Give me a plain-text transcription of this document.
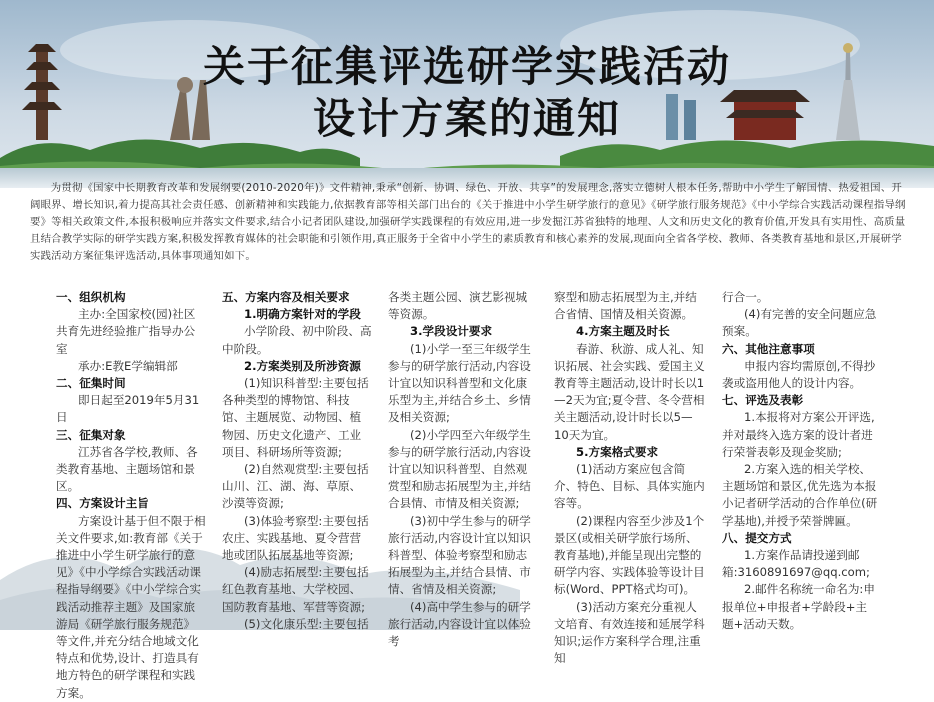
关于征集评选研学实践活动
设计方案的通知
为贯彻《国家中长期教育改革和发展纲要(2010-2020年)》文件精神,秉承“创新、协调、绿色、开放、共享”的发展理念,落实立德树人根本任务,帮助中小学生了解国情、热爱祖国、开阔眼界、增长知识,着力提高其社会责任感、创新精神和实践能力,依据教育部等相关部门出台的《关于推进中小学生研学旅行的意见》《研学旅行服务规范》《中小学综合实践活动课程指导纲要》等相关政策文件,本报积极响应并落实文件要求,结合小记者团队建设,加强研学实践课程的有效应用,进一步发掘江苏省独特的地理、人文和历史文化的教育价值,开发具有实用性、高质量且结合教学实际的研学实践方案,积极发挥教育媒体的社会职能和引领作用,真正服务于全省中小学生的素质教育和核心素养的发展,现面向全省各学校、教师、各类教育基地和景区,开展研学实践活动方案征集评选活动,具体事项通知如下。

一、组织机构

主办:全国家校(园)社区共育先进经验推广指导办公室

承办:E教E学编辑部

二、征集时间

即日起至2019年5月31日

三、征集对象

江苏省各学校,教师、各类教育基地、主题场馆和景区。

四、方案设计主旨

方案设计基于但不限于相关文件要求,如:教育部《关于推进中小学生研学旅行的意见》《中小学综合实践活动课程指导纲要》《中小学综合实践活动推荐主题》及国家旅游局《研学旅行服务规范》等文件,并充分结合地域文化特点和优势,设计、打造具有地方特色的研学课程和实践方案。

五、方案内容及相关要求

1.明确方案针对的学段

小学阶段、初中阶段、高中阶段。

2.方案类别及所涉资源

(1)知识科普型:主要包括各种类型的博物馆、科技馆、主题展览、动物园、植物园、历史文化遗产、工业项目、科研场所等资源;

(2)自然观赏型:主要包括山川、江、湖、海、草原、沙漠等资源;

(3)体验考察型:主要包括农庄、实践基地、夏令营营地或团队拓展基地等资源;

(4)励志拓展型:主要包括红色教育基地、大学校园、国防教育基地、军营等资源;

(5)文化康乐型:主要包括

各类主题公园、演艺影视城等资源。

3.学段设计要求

(1)小学一至三年级学生参与的研学旅行活动,内容设计宜以知识科普型和文化康乐型为主,并结合乡土、乡情及相关资源;

(2)小学四至六年级学生参与的研学旅行活动,内容设计宜以知识科普型、自然观赏型和励志拓展型为主,并结合县情、市情及相关资源;

(3)初中学生参与的研学旅行活动,内容设计宜以知识科普型、体验考察型和励志拓展型为主,并结合县情、市情、省情及相关资源;

(4)高中学生参与的研学旅行活动,内容设计宜以体验考

察型和励志拓展型为主,并结合省情、国情及相关资源。

4.方案主题及时长

春游、秋游、成人礼、知识拓展、社会实践、爱国主义教育等主题活动,设计时长以1—2天为宜;夏令营、冬令营相关主题活动,设计时长以5—10天为宜。

5.方案格式要求

(1)活动方案应包含简介、特色、目标、具体实施内容等。

(2)课程内容至少涉及1个景区(或相关研学旅行场所、教育基地),并能呈现出完整的研学内容、实践体验等设计目标(Word、PPT格式均可)。

(3)活动方案充分重视人文培育、有效连接和延展学科知识;运作方案科学合理,注重知

行合一。

(4)有完善的安全问题应急预案。

六、其他注意事项

申报内容均需原创,不得抄袭或盗用他人的设计内容。

七、评选及表彰

1.本报将对方案公开评选,并对最终入选方案的设计者进行荣誉表彰及现金奖励;

2.方案入选的相关学校、主题场馆和景区,优先选为本报小记者研学活动的合作单位(研学基地),并授予荣誉牌匾。

八、提交方式

1.方案作品请投递到邮箱:3160891697@qq.com;

2.邮件名称统一命名为:申报单位+申报者+学龄段+主题+活动天数。
